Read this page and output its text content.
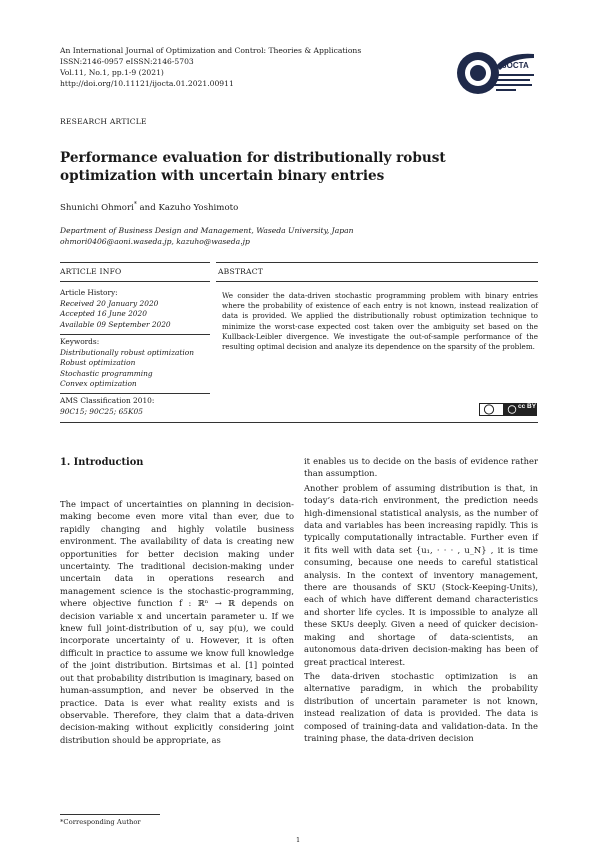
An International Journal of Optimization and Control: Theories & Applications
ISSN:2146-0957 eISSN:2146-5703
Vol.11, No.1, pp.1-9 (2021)
http://doi.org/10.11121/ijocta.01.2021.00911
IJOCTA
RESEARCH ARTICLE
Performance evaluation for distributionally robust optimization with uncertain binary entries
Shunichi Ohmori* and Kazuho Yoshimoto
Department of Business Design and Management, Waseda University, Japan
ohmori0406@aoni.waseda.jp, kazuho@waseda.jp
ARTICLE INFO	ABSTRACT
Article History:
Received 20 January 2020
Accepted 16 June 2020
Available 09 September 2020
Keywords:
Distributionally robust optimization
Robust optimization
Stochastic programming
Convex optimization
AMS Classification 2010:
90C15; 90C25; 65K05
We consider the data-driven stochastic programming problem with binary entries where the probability of existence of each entry is not known, instead realization of data is provided. We applied the distributionally robust optimization technique to minimize the worst-case expected cost taken over the ambiguity set based on the Kullback-Leibler divergence. We investigate the out-of-sample performance of the resulting optimal decision and analyze its dependence on the sparsity of the problem.
cc BY
1. Introduction

The impact of uncertainties on planning in decision-making become even more vital than ever, due to rapidly changing and highly volatile business environment. The availability of data is creating new opportunities for better decision making under uncertainty. The traditional decision-making under uncertain data in operations research and management science is the stochastic-programming, where objective function f : ℝⁿ → ℝ depends on decision variable x and uncertain parameter u. If we knew full joint-distribution of u, say p(u), we could incorporate uncertainty of u. However, it is often difficult in practice to assume we know full knowledge of the joint distribution. Birtsimas et al. [1] pointed out that probability distribution is imaginary, based on human-assumption, and never be observed in the practice. Data is ever what reality exists and is observable. Therefore, they claim that a data-driven decision-making without explicitly considering joint distribution should be appropriate, as

it enables us to decide on the basis of evidence rather than assumption.

Another problem of assuming distribution is that, in today’s data-rich environment, the prediction needs high-dimensional statistical analysis, as the number of data and variables has been increasing rapidly. This is typically computationally intractable. Further even if it fits well with data set {u₁, · · · , u_N} , it is time consuming, because one needs to careful statistical analysis. In the context of inventory management, there are thousands of SKU (Stock-Keeping-Units), each of which have different demand characteristics and shorter life cycles. It is impossible to analyze all these SKUs deeply. Given a need of quicker decision-making and shortage of data-scientists, an autonomous data-driven decision-making has been of great practical interest.

The data-driven stochastic optimization is an alternative paradigm, in which the probability distribution of uncertain parameter is not known, instead realization of data is provided. The data is composed of training-data and validation-data. In the training phase, the data-driven decision

*Corresponding Author
1
